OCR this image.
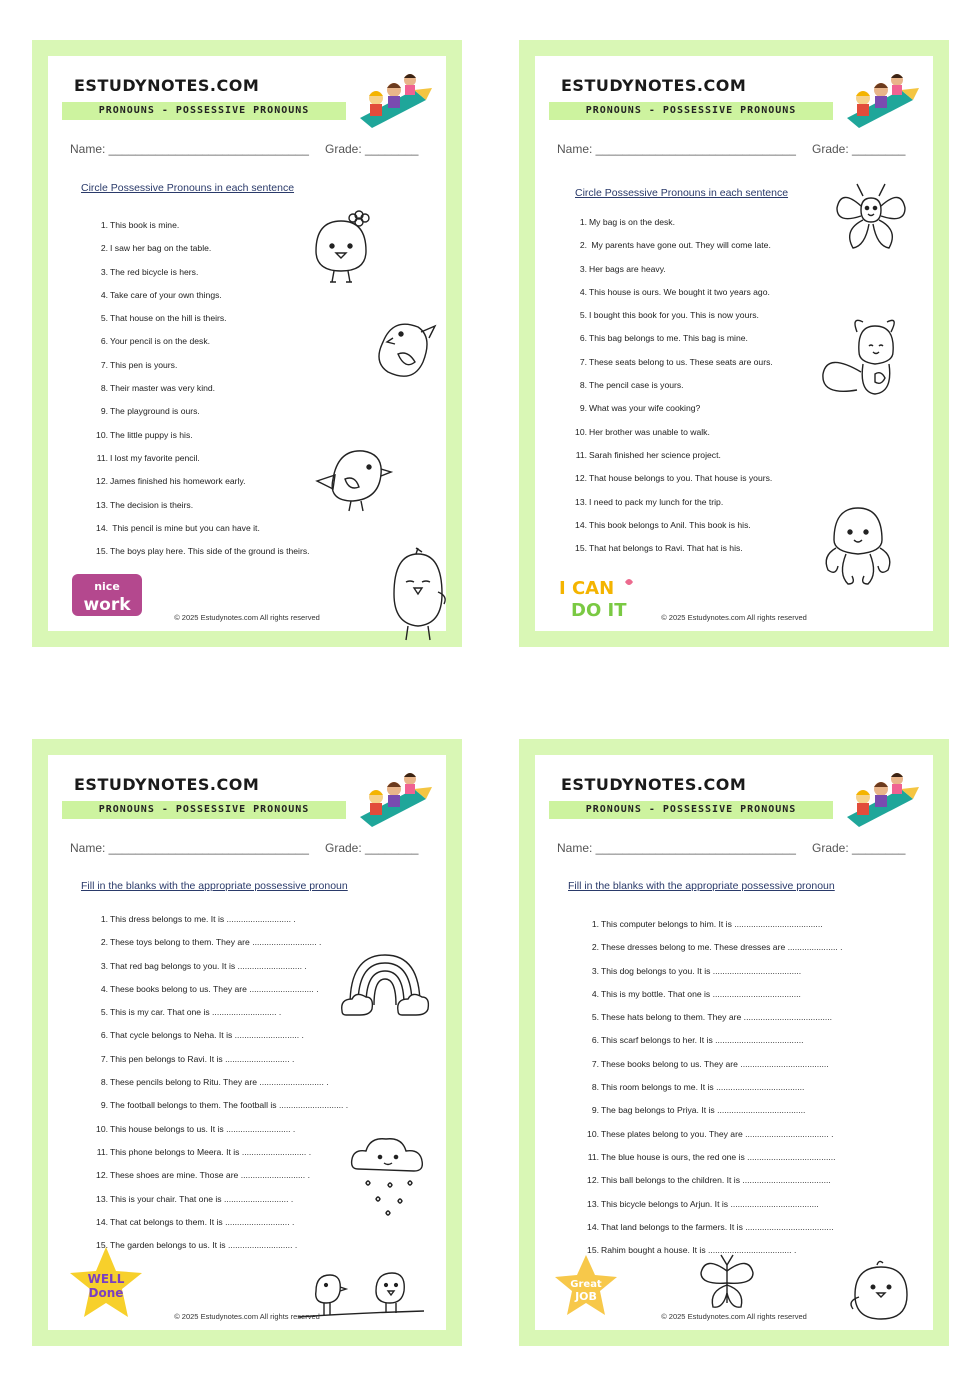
ESTUDYNOTES.COM
PRONOUNS - POSSESSIVE PRONOUNS
Name: ______________________________ Grade: ________
Circle Possessive Pronouns in each sentence
1. This book is mine.
2. I saw her bag on the table.
3. The red bicycle is hers.
4. Take care of your own things.
5. That house on the hill is theirs.
6. Your pencil is on the desk.
7. This pen is yours.
8. Their master was very kind.
9. The playground is ours.
10. The little puppy is his.
11. I lost my favorite pencil.
12. James finished his homework early.
13. The decision is theirs.
14. This pencil is mine but you can have it.
15. The boys play here. This side of the ground is theirs.
nice
work
© 2025 Estudynotes.com All rights reserved
ESTUDYNOTES.COM
PRONOUNS - POSSESSIVE PRONOUNS
Name: ______________________________ Grade: ________
Circle Possessive Pronouns in each sentence
1. My bag is on the desk.
2. My parents have gone out. They will come late.
3. Her bags are heavy.
4. This house is ours. We bought it two years ago.
5. I bought this book for you. This is now yours.
6. This bag belongs to me. This bag is mine.
7. These seats belong to us. These seats are ours.
8. The pencil case is yours.
9. What was your wife cooking?
10. Her brother was unable to walk.
11. Sarah finished her science project.
12. That house belongs to you. That house is yours.
13. I need to pack my lunch for the trip.
14. This book belongs to Anil. This book is his.
15. That hat belongs to Ravi. That hat is his.
I CAN
DO IT	© 2025 Estudynotes.com All rights reserved
ESTUDYNOTES.COM
PRONOUNS - POSSESSIVE PRONOUNS
Name: ______________________________ Grade: ________
Fill in the blanks with the appropriate possessive pronoun
1. This dress belongs to me. It is ........................... .
2. These toys belong to them. They are ........................... .
3. That red bag belongs to you. It is ........................... .
4. These books belong to us. They are ........................... .
5. This is my car. That one is ........................... .
6. That cycle belongs to Neha. It is ........................... .
7. This pen belongs to Ravi. It is ........................... .
8. These pencils belong to Ritu. They are ........................... .
9. The football belongs to them. The football is ........................... .
10. This house belongs to us. It is ........................... .
11. This phone belongs to Meera. It is ........................... .
12. These shoes are mine. Those are ........................... .
13. This is your chair. That one is ........................... .
14. That cat belongs to them. It is ........................... .
15. The garden belongs to us. It is ........................... .
WELL
Done
© 2025 Estudynotes.com All rights reserved
ESTUDYNOTES.COM
PRONOUNS - POSSESSIVE PRONOUNS
Name: ______________________________ Grade: ________
Fill in the blanks with the appropriate possessive pronoun
1. This computer belongs to him. It is .....................................
2. These dresses belong to me. These dresses are ..................... .
3. This dog belongs to you. It is .....................................
4. This is my bottle. That one is .....................................
5. These hats belong to them. They are .....................................
6. This scarf belongs to her. It is .....................................
7. These books belong to us. They are .....................................
8. This room belongs to me. It is .....................................
9. The bag belongs to Priya. It is .....................................
10. These plates belong to you. They are ................................... .
11. The blue house is ours, the red one is .....................................
12. This ball belongs to the children. It is .....................................
13. This bicycle belongs to Arjun. It is .....................................
14. That land belongs to the farmers. It is .....................................
15. Rahim bought a house. It is ................................... .
Great
JOB
© 2025 Estudynotes.com All rights reserved
